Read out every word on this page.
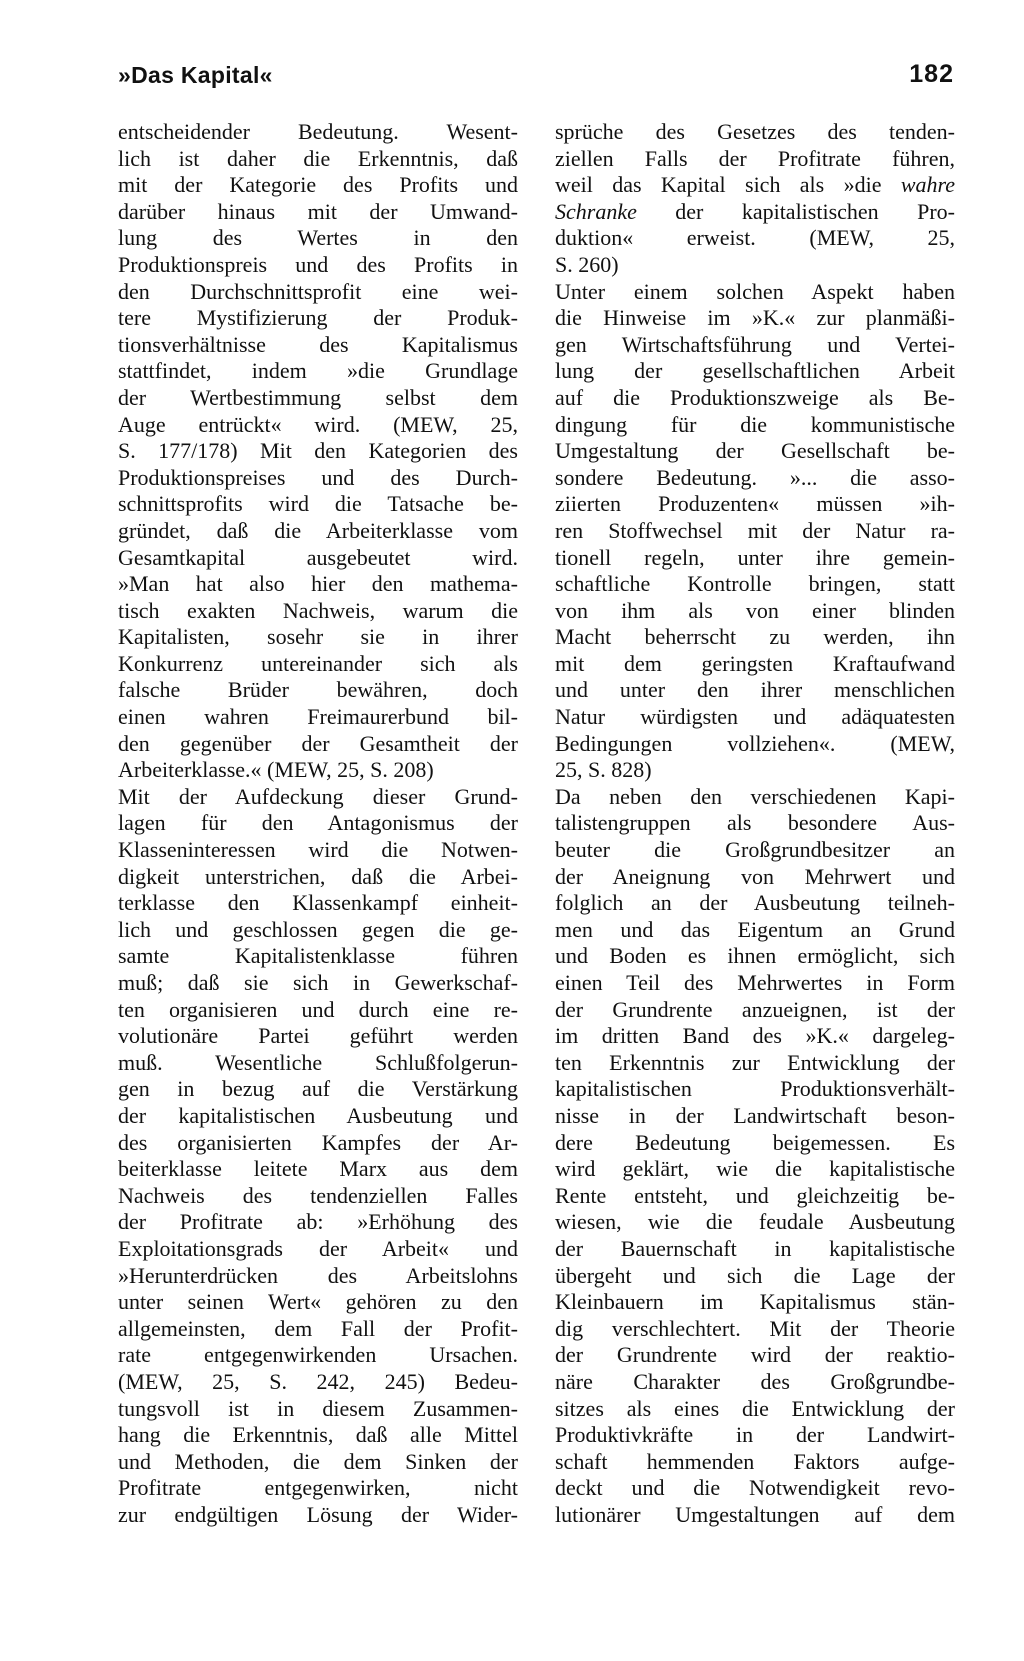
»Das Kapital«	182
entscheidender Bedeutung. Wesent-
lich ist daher die Erkenntnis, daß
mit der Kategorie des Profits und
darüber hinaus mit der Umwand-
lung des Wertes in den
Produktionspreis und des Profits in
den Durchschnittsprofit eine wei-
tere Mystifizierung der Produk-
tionsverhältnisse des Kapitalismus
stattfindet, indem »die Grundlage
der Wertbestimmung selbst dem
Auge entrückt« wird. (MEW, 25,
S. 177/178) Mit den Kategorien des
Produktionspreises und des Durch-
schnittsprofits wird die Tatsache be-
gründet, daß die Arbeiterklasse vom
Gesamtkapital ausgebeutet wird.
»Man hat also hier den mathema-
tisch exakten Nachweis, warum die
Kapitalisten, sosehr sie in ihrer
Konkurrenz untereinander sich als
falsche Brüder bewähren, doch
einen wahren Freimaurerbund bil-
den gegenüber der Gesamtheit der
Arbeiterklasse.« (MEW, 25, S. 208)
Mit der Aufdeckung dieser Grund-
lagen für den Antagonismus der
Klasseninteressen wird die Notwen-
digkeit unterstrichen, daß die Arbei-
terklasse den Klassenkampf einheit-
lich und geschlossen gegen die ge-
samte Kapitalistenklasse führen
muß; daß sie sich in Gewerkschaf-
ten organisieren und durch eine re-
volutionäre Partei geführt werden
muß. Wesentliche Schlußfolgerun-
gen in bezug auf die Verstärkung
der kapitalistischen Ausbeutung und
des organisierten Kampfes der Ar-
beiterklasse leitete Marx aus dem
Nachweis des tendenziellen Falles
der Profitrate ab: »Erhöhung des
Exploitationsgrads der Arbeit« und
»Herunterdrücken des Arbeitslohns
unter seinen Wert« gehören zu den
allgemeinsten, dem Fall der Profit-
rate entgegenwirkenden Ursachen.
(MEW, 25, S. 242, 245) Bedeu-
tungsvoll ist in diesem Zusammen-
hang die Erkenntnis, daß alle Mittel
und Methoden, die dem Sinken der
Profitrate entgegenwirken, nicht
zur endgültigen Lösung der Wider-
sprüche des Gesetzes des tenden-
ziellen Falls der Profitrate führen,
weil das Kapital sich als »die wahre
Schranke der kapitalistischen Pro-
duktion« erweist. (MEW, 25,
S. 260)
Unter einem solchen Aspekt haben
die Hinweise im »K.« zur planmäßi-
gen Wirtschaftsführung und Vertei-
lung der gesellschaftlichen Arbeit
auf die Produktionszweige als Be-
dingung für die kommunistische
Umgestaltung der Gesellschaft be-
sondere Bedeutung. »... die asso-
ziierten Produzenten« müssen »ih-
ren Stoffwechsel mit der Natur ra-
tionell regeln, unter ihre gemein-
schaftliche Kontrolle bringen, statt
von ihm als von einer blinden
Macht beherrscht zu werden, ihn
mit dem geringsten Kraftaufwand
und unter den ihrer menschlichen
Natur würdigsten und adäquatesten
Bedingungen vollziehen«. (MEW,
25, S. 828)
Da neben den verschiedenen Kapi-
talistengruppen als besondere Aus-
beuter die Großgrundbesitzer an
der Aneignung von Mehrwert und
folglich an der Ausbeutung teilneh-
men und das Eigentum an Grund
und Boden es ihnen ermöglicht, sich
einen Teil des Mehrwertes in Form
der Grundrente anzueignen, ist der
im dritten Band des »K.« dargeleg-
ten Erkenntnis zur Entwicklung der
kapitalistischen Produktionsverhält-
nisse in der Landwirtschaft beson-
dere Bedeutung beigemessen. Es
wird geklärt, wie die kapitalistische
Rente entsteht, und gleichzeitig be-
wiesen, wie die feudale Ausbeutung
der Bauernschaft in kapitalistische
übergeht und sich die Lage der
Kleinbauern im Kapitalismus stän-
dig verschlechtert. Mit der Theorie
der Grundrente wird der reaktio-
näre Charakter des Großgrundbe-
sitzes als eines die Entwicklung der
Produktivkräfte in der Landwirt-
schaft hemmenden Faktors aufge-
deckt und die Notwendigkeit revo-
lutionärer Umgestaltungen auf dem
